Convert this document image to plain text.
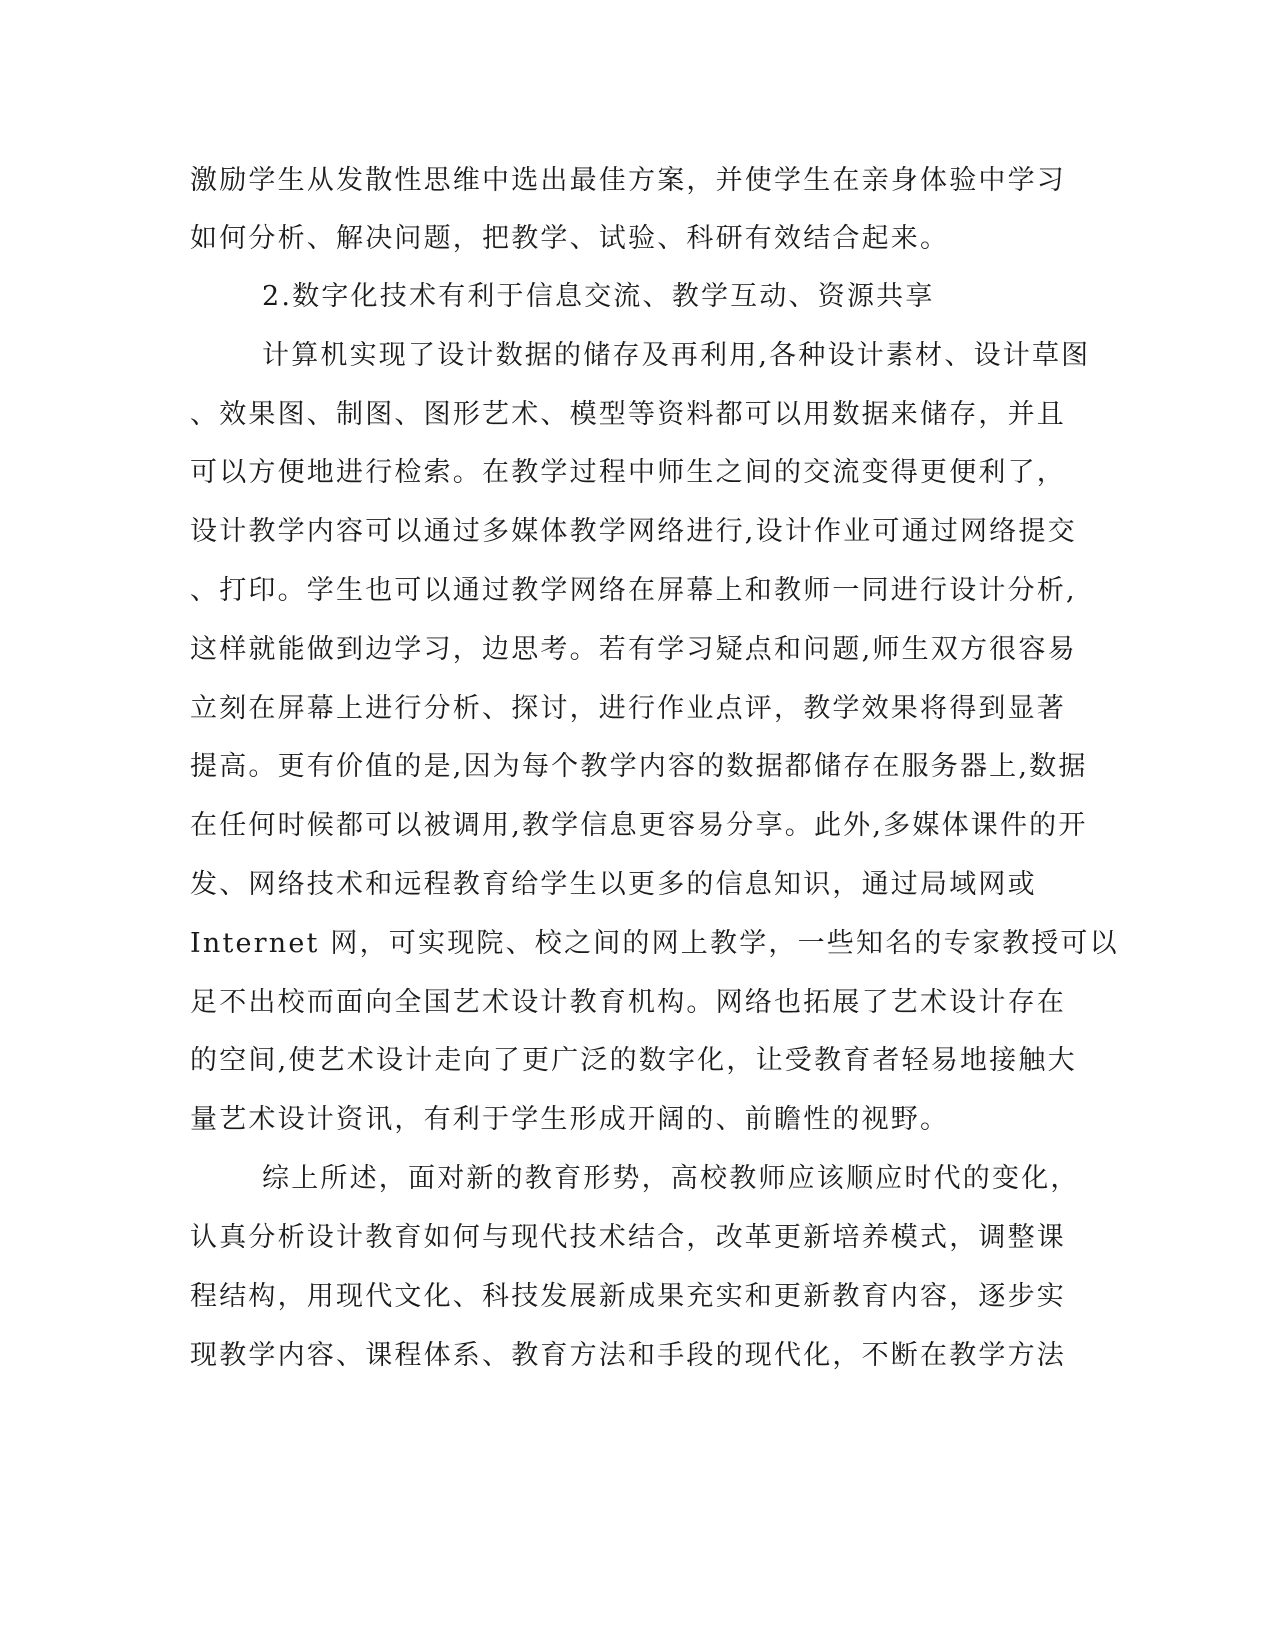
激励学生从发散性思维中选出最佳方案，并使学生在亲身体验中学习

如何分析、解决问题，把教学、试验、科研有效结合起来。

2.数字化技术有利于信息交流、教学互动、资源共享

计算机实现了设计数据的储存及再利用,各种设计素材、设计草图

、效果图、制图、图形艺术、模型等资料都可以用数据来储存，并且

可以方便地进行检索。在教学过程中师生之间的交流变得更便利了，

设计教学内容可以通过多媒体教学网络进行,设计作业可通过网络提交

、打印。学生也可以通过教学网络在屏幕上和教师一同进行设计分析,

这样就能做到边学习，边思考。若有学习疑点和问题,师生双方很容易

立刻在屏幕上进行分析、探讨，进行作业点评，教学效果将得到显著

提高。更有价值的是,因为每个教学内容的数据都储存在服务器上,数据

在任何时候都可以被调用,教学信息更容易分享。此外,多媒体课件的开

发、网络技术和远程教育给学生以更多的信息知识，通过局域网或

Internet 网，可实现院、校之间的网上教学，一些知名的专家教授可以

足不出校而面向全国艺术设计教育机构。网络也拓展了艺术设计存在

的空间,使艺术设计走向了更广泛的数字化，让受教育者轻易地接触大

量艺术设计资讯，有利于学生形成开阔的、前瞻性的视野。

综上所述，面对新的教育形势，高校教师应该顺应时代的变化，

认真分析设计教育如何与现代技术结合，改革更新培养模式，调整课

程结构，用现代文化、科技发展新成果充实和更新教育内容，逐步实

现教学内容、课程体系、教育方法和手段的现代化，不断在教学方法
